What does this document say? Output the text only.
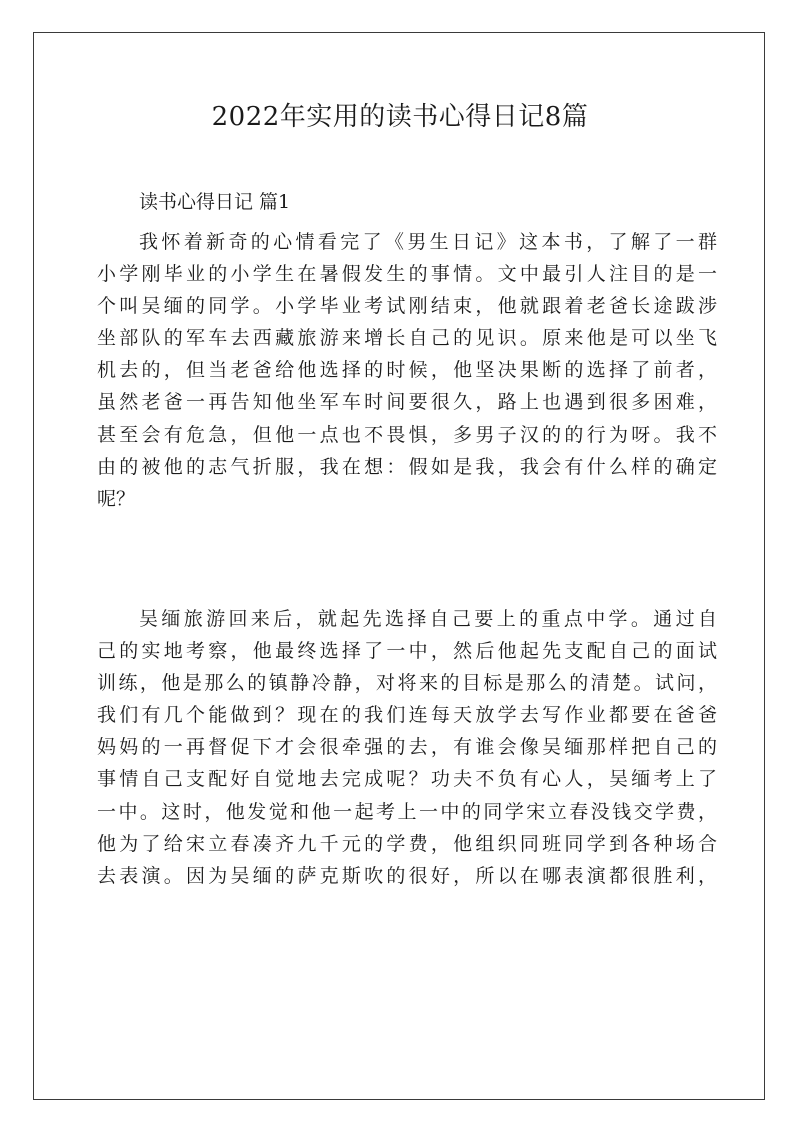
2022年实用的读书心得日记8篇
读书心得日记 篇1
我怀着新奇的心情看完了《男生日记》这本书，了解了一群
小学刚毕业的小学生在暑假发生的事情。文中最引人注目的是一
个叫吴缅的同学。小学毕业考试刚结束，他就跟着老爸长途跋涉
坐部队的军车去西藏旅游来增长自己的见识。原来他是可以坐飞
机去的，但当老爸给他选择的时候，他坚决果断的选择了前者，
虽然老爸一再告知他坐军车时间要很久，路上也遇到很多困难，
甚至会有危急，但他一点也不畏惧，多男子汉的的行为呀。我不
由的被他的志气折服，我在想：假如是我，我会有什么样的确定
呢？
吴缅旅游回来后，就起先选择自己要上的重点中学。通过自
己的实地考察，他最终选择了一中，然后他起先支配自己的面试
训练，他是那么的镇静冷静，对将来的目标是那么的清楚。试问，
我们有几个能做到？现在的我们连每天放学去写作业都要在爸爸
妈妈的一再督促下才会很牵强的去，有谁会像吴缅那样把自己的
事情自己支配好自觉地去完成呢？功夫不负有心人，吴缅考上了
一中。这时，他发觉和他一起考上一中的同学宋立春没钱交学费，
他为了给宋立春凑齐九千元的学费，他组织同班同学到各种场合
去表演。因为吴缅的萨克斯吹的很好，所以在哪表演都很胜利，
